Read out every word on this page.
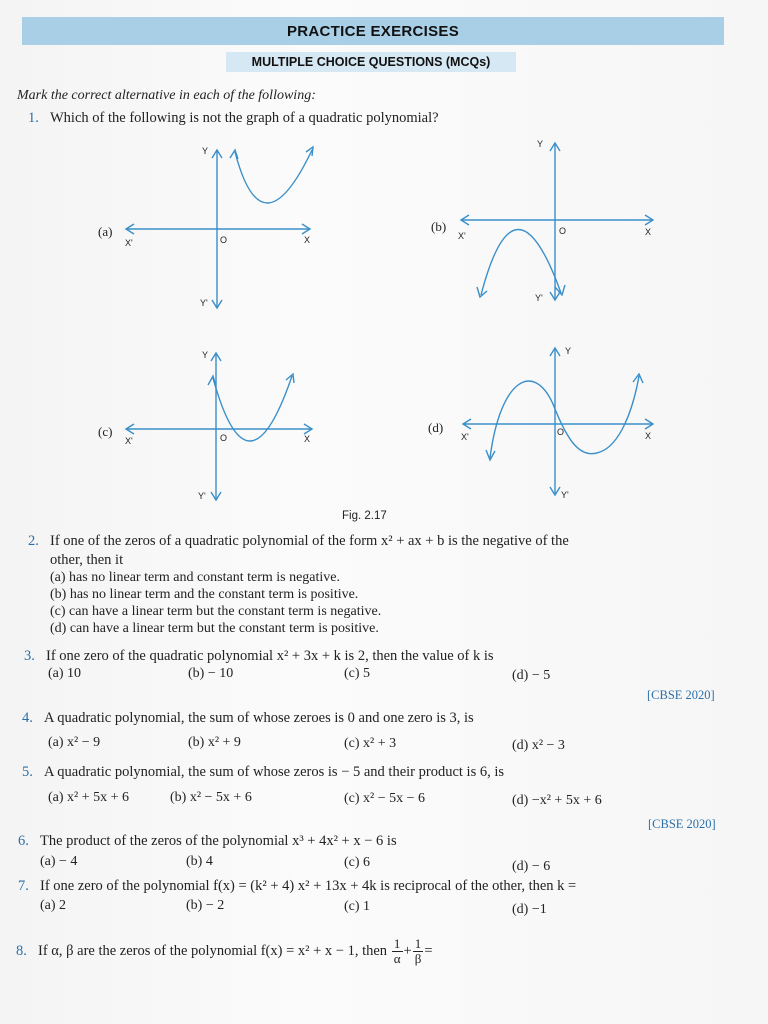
PRACTICE EXERCISES
MULTIPLE CHOICE QUESTIONS (MCQs)
Mark the correct alternative in each of the following:
1. Which of the following is not the graph of a quadratic polynomial?
(a)
Y
Y'
X
X'	O
(b)
Y
Y'
X
X'	O
(c)
Y
Y'
X
X'	O
(d)
Y
Y'
X
X'	O
Fig. 2.17
2. If one of the zeros of a quadratic polynomial of the form x² + ax + b is the negative of the
other, then it
(a) has no linear term and constant term is negative.
(b) has no linear term and the constant term is positive.
(c) can have a linear term but the constant term is negative.
(d) can have a linear term but the constant term is positive.
3. If one zero of the quadratic polynomial x² + 3x + k is 2, then the value of k is
(a) 10	(b) − 10	(c) 5	(d) − 5
[CBSE 2020]
4. A quadratic polynomial, the sum of whose zeroes is 0 and one zero is 3, is
(a) x² − 9	(b) x² + 9	(c) x² + 3	(d) x² − 3
5. A quadratic polynomial, the sum of whose zeros is − 5 and their product is 6, is
(a) x² + 5x + 6	(b) x² − 5x + 6	(c) x² − 5x − 6	(d) −x² + 5x + 6
[CBSE 2020]
6. The product of the zeros of the polynomial x³ + 4x² + x − 6 is
(a) − 4	(b) 4	(c) 6	(d) − 6
7. If one zero of the polynomial f(x) = (k² + 4) x² + 13x + 4k is reciprocal of the other, then k =
(a) 2	(b) − 2	(c) 1	(d) −1
8. If α, β are the zeros of the polynomial f(x) = x² + x − 1, then $\frac{1}{\alpha} + \frac{1}{\beta}$ =
